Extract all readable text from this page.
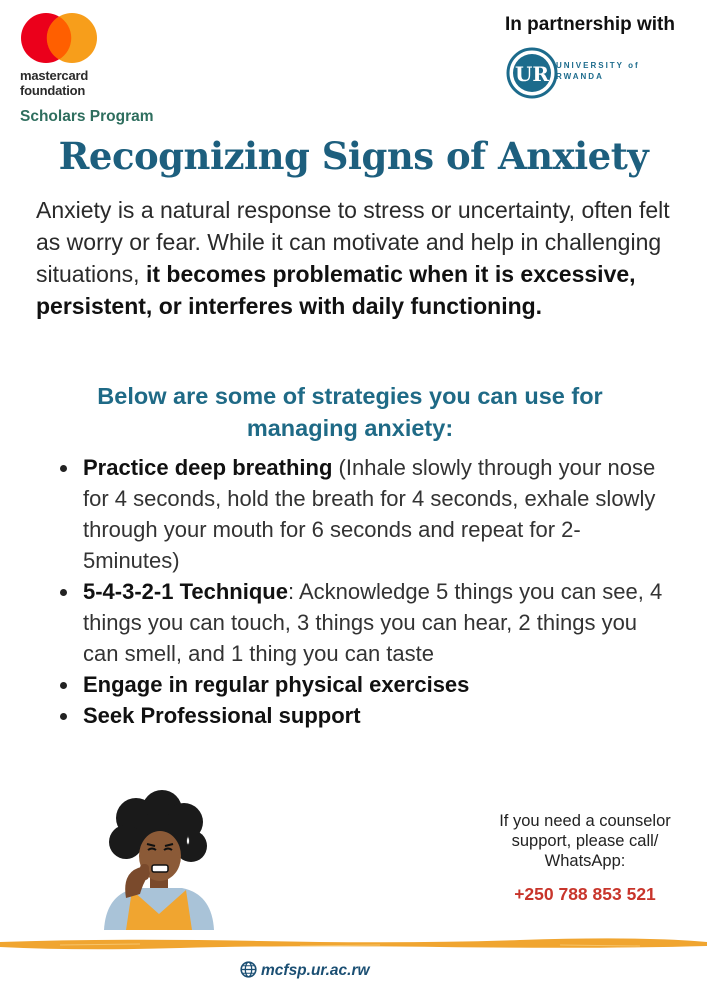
mastercard
foundation
Scholars Program
In partnership with
UR UNIVERSITY of
RWANDA
Recognizing Signs of Anxiety
Anxiety is a natural response to stress or uncertainty, often felt as worry or fear. While it can motivate and help in challenging situations, it becomes problematic when it is excessive, persistent, or interferes with daily functioning.
Below are some of strategies you can use for
managing anxiety:
Practice deep breathing (Inhale slowly through your nose for 4 seconds, hold the breath for 4 seconds, exhale slowly through your mouth for 6 seconds and repeat for 2-5minutes)
5-4-3-2-1 Technique: Acknowledge 5 things you can see, 4 things you can touch, 3 things you can hear, 2 things you can smell, and 1 thing you can taste
Engage in regular physical exercises
Seek Professional support
If you need a counselor
support, please call/
WhatsApp:
+250 788 853 521
mcfsp.ur.ac.rw
